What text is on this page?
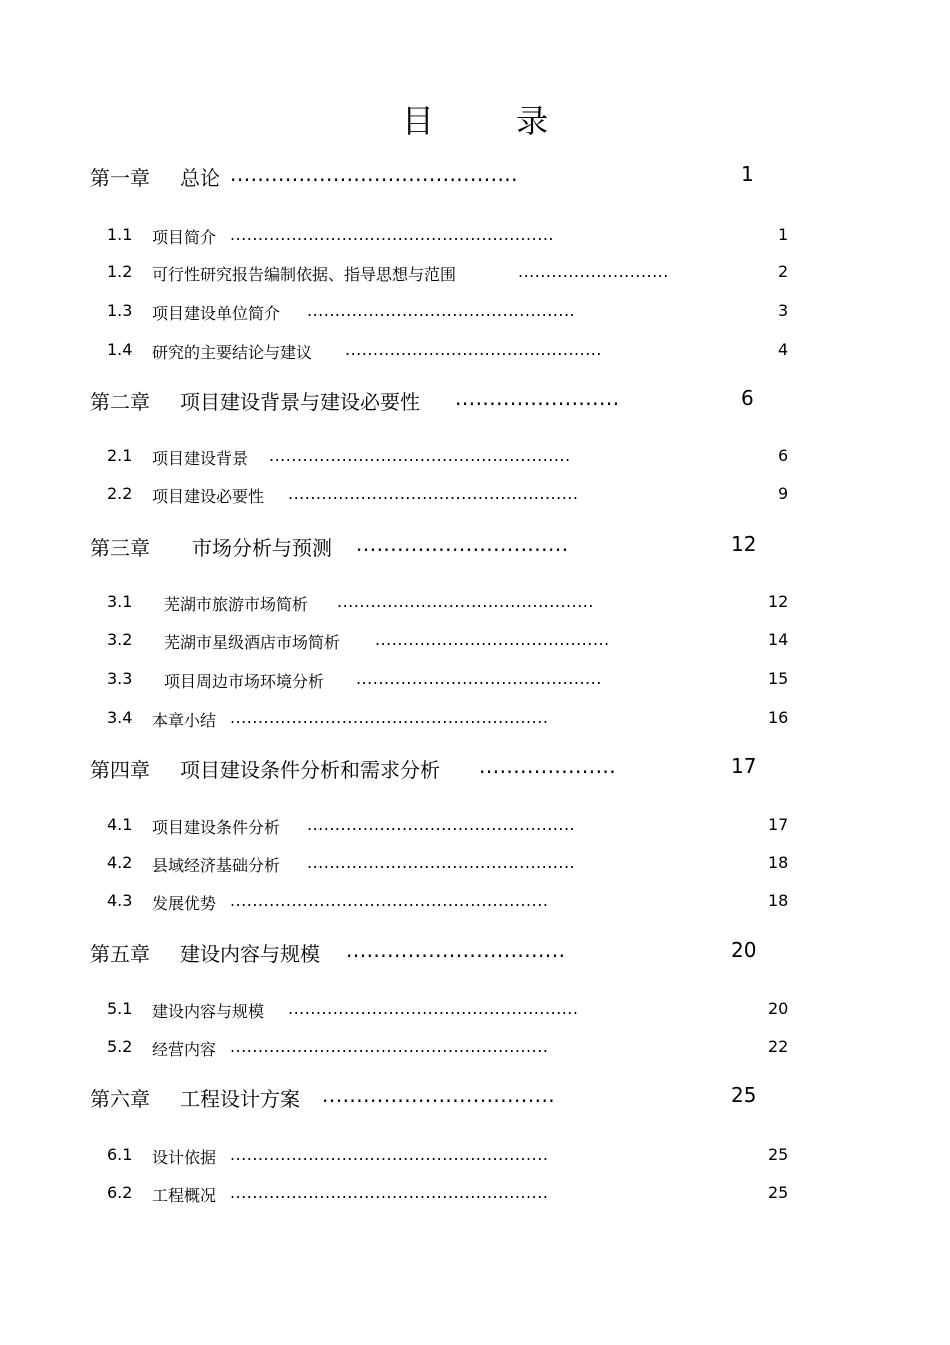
目 录
第一章 总论 ..........................................	1
1.1 项目简介 ..........................................................	1
1.2 可行性研究报告编制依据、指导思想与范围	...........................	2
1.3 项目建设单位简介 ................................................	3
1.4 研究的主要结论与建议 ..............................................	4
第二章 项目建设背景与建设必要性 ........................	6
2.1 项目建设背景 ......................................................	6
2.2 项目建设必要性 ....................................................	9
第三章 市场分析与预测 ...............................	12
3.1 芜湖市旅游市场简析 ..............................................	12
3.2 芜湖市星级酒店市场简析 ..........................................	14
3.3 项目周边市场环境分析 ............................................	15
3.4 本章小结 .........................................................	16
第四章 项目建设条件分析和需求分析 ....................	17
4.1 项目建设条件分析 ................................................	17
4.2 县域经济基础分析 ................................................	18
4.3 发展优势 .........................................................	18
第五章 建设内容与规模 ................................	20
5.1 建设内容与规模 ....................................................	20
5.2 经营内容 .........................................................	22
第六章 工程设计方案 ..................................	25
6.1 设计依据 .........................................................	25
6.2 工程概况 .........................................................	25
